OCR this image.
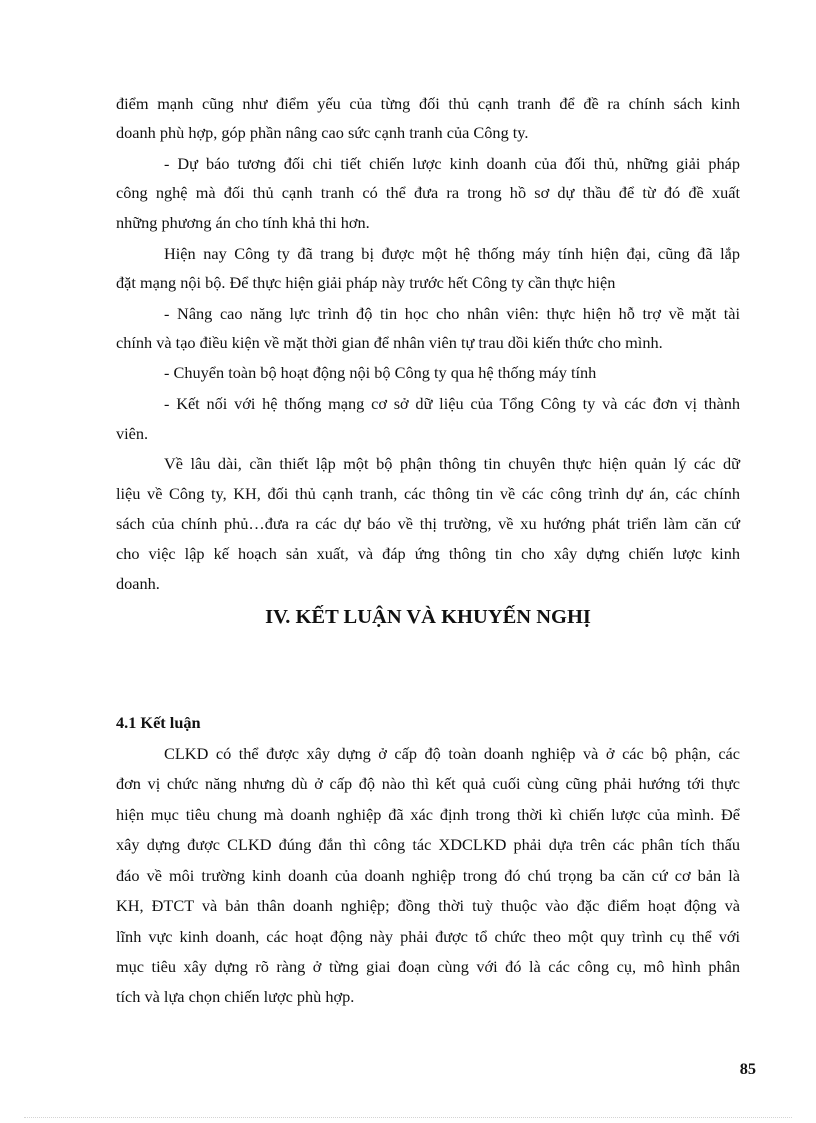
điểm mạnh cũng như điểm yếu của từng đối thủ cạnh tranh để đề ra chính sách kinh
doanh phù hợp, góp phần nâng cao sức cạnh tranh của Công ty.
- Dự báo tương đối chi tiết chiến lược kinh doanh của đối thủ, những giải pháp
công nghệ mà đối thủ cạnh tranh có thể đưa ra trong hồ sơ dự thầu để từ đó đề xuất
những phương án cho tính khả thi hơn.
Hiện nay Công ty đã trang bị được một hệ thống máy tính hiện đại, cũng đã lắp
đặt mạng nội bộ. Để thực hiện giải pháp này trước hết Công ty cần thực hiện
- Nâng cao năng lực trình độ tin học cho nhân viên: thực hiện hỗ trợ về mặt tài
chính và tạo điều kiện về mặt thời gian để nhân viên tự trau dồi kiến thức cho mình.
- Chuyển toàn bộ hoạt động nội bộ Công ty qua hệ thống máy tính
- Kết nối với hệ thống mạng cơ sở dữ liệu của Tổng Công ty và các đơn vị thành
viên.
Về lâu dài, cần thiết lập một bộ phận thông tin chuyên thực hiện quản lý các dữ
liệu về Công ty, KH, đối thủ cạnh tranh, các thông tin về các công trình dự án, các chính
sách của chính phủ…đưa ra các dự báo về thị trường, về xu hướng phát triển làm căn cứ
cho việc lập kế hoạch sản xuất, và đáp ứng thông tin cho xây dựng chiến lược kinh
doanh.
IV. KẾT LUẬN VÀ KHUYẾN NGHỊ
4.1 Kết luận
CLKD có thể được xây dựng ở cấp độ toàn doanh nghiệp và ở các bộ phận, các
đơn vị chức năng nhưng dù ở cấp độ nào thì kết quả cuối cùng cũng phải hướng tới thực
hiện mục tiêu chung mà doanh nghiệp đã xác định trong thời kì chiến lược của mình. Để
xây dựng được CLKD đúng đắn thì công tác XDCLKD phải dựa trên các phân tích thấu
đáo về môi trường kinh doanh của doanh nghiệp trong đó chú trọng ba căn cứ cơ bản là
KH, ĐTCT và bản thân doanh nghiệp; đồng thời tuỳ thuộc vào đặc điểm hoạt động và
lĩnh vực kinh doanh, các hoạt động này phải được tổ chức theo một quy trình cụ thể với
mục tiêu xây dựng rõ ràng ở từng giai đoạn cùng với đó là các công cụ, mô hình phân
tích và lựa chọn chiến lược phù hợp.
85
